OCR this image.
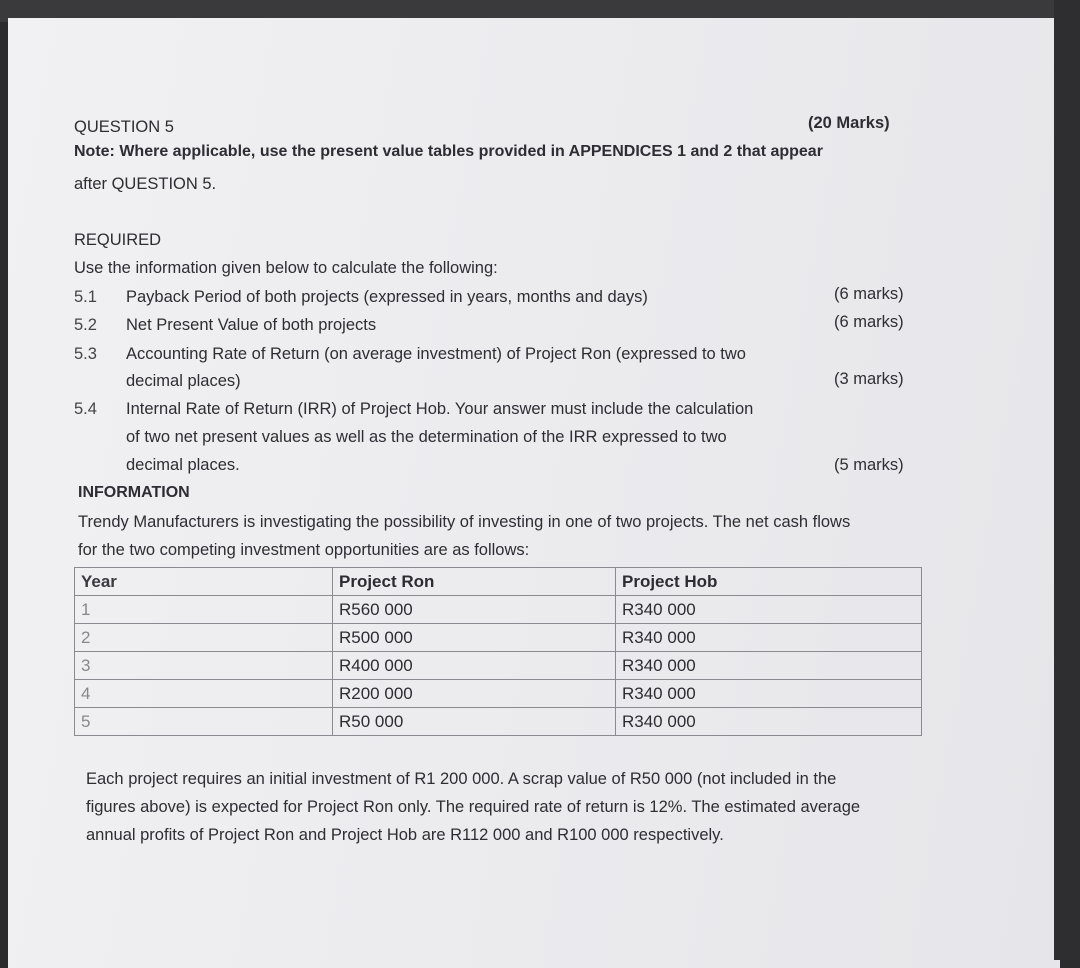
QUESTION 5	(20 Marks)
Note: Where applicable, use the present value tables provided in APPENDICES 1 and 2 that appear
after QUESTION 5.
REQUIRED
Use the information given below to calculate the following:
5.1 Payback Period of both projects (expressed in years, months and days)	(6 marks)
5.2 Net Present Value of both projects	(6 marks)
5.3 Accounting Rate of Return (on average investment) of Project Ron (expressed to two
decimal places)	(3 marks)
5.4 Internal Rate of Return (IRR) of Project Hob. Your answer must include the calculation
of two net present values as well as the determination of the IRR expressed to two
decimal places.	(5 marks)
INFORMATION
Trendy Manufacturers is investigating the possibility of investing in one of two projects. The net cash flows
for the two competing investment opportunities are as follows:
Year	Project Ron	Project Hob
1	R560 000	R340 000
2	R500 000	R340 000
3	R400 000	R340 000
4	R200 000	R340 000
5	R50 000	R340 000
Each project requires an initial investment of R1 200 000. A scrap value of R50 000 (not included in the
figures above) is expected for Project Ron only. The required rate of return is 12%. The estimated average
annual profits of Project Ron and Project Hob are R112 000 and R100 000 respectively.
